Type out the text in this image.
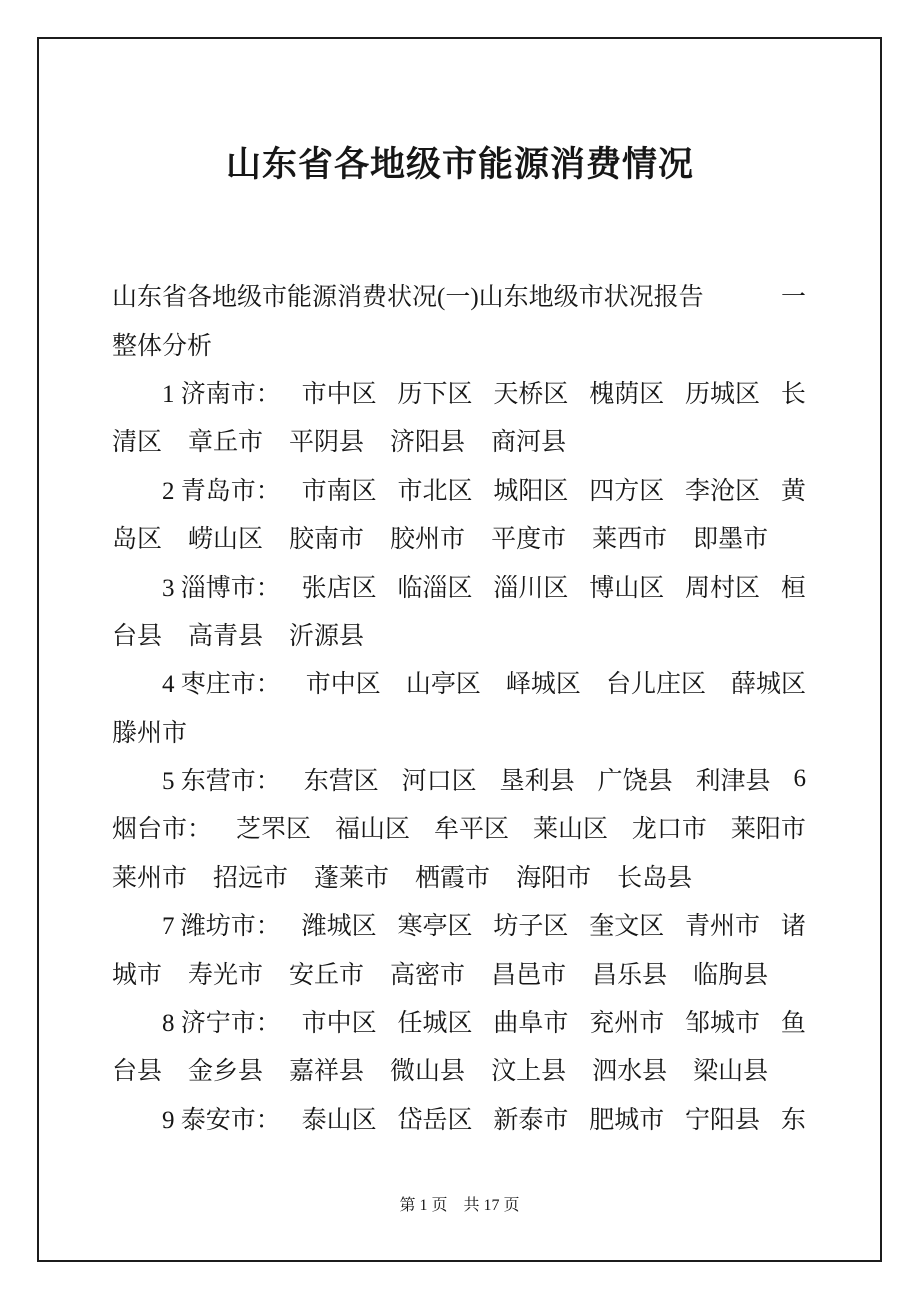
山东省各地级市能源消费情况
山东省各地级市能源消费状况(一)山东地级市状况报告	一
整体分析
1 济南市： 市中区 历下区 天桥区 槐荫区 历城区 长
清区 章丘市 平阴县 济阳县 商河县
2 青岛市： 市南区 市北区 城阳区 四方区 李沧区 黄
岛区 崂山区 胶南市 胶州市 平度市 莱西市 即墨市
3 淄博市： 张店区 临淄区 淄川区 博山区 周村区 桓
台县 高青县 沂源县
4 枣庄市： 市中区 山亭区 峄城区 台儿庄区 薛城区
滕州市
5 东营市： 东营区 河口区 垦利县 广饶县 利津县 6
烟台市： 芝罘区 福山区 牟平区 莱山区 龙口市 莱阳市
莱州市 招远市 蓬莱市 栖霞市 海阳市 长岛县
7 潍坊市： 潍城区 寒亭区 坊子区 奎文区 青州市 诸
城市 寿光市 安丘市 高密市 昌邑市 昌乐县 临朐县
8 济宁市： 市中区 任城区 曲阜市 兖州市 邹城市 鱼
台县 金乡县 嘉祥县 微山县 汶上县 泗水县 梁山县
9 泰安市： 泰山区 岱岳区 新泰市 肥城市 宁阳县 东
第 1 页 共 17 页
